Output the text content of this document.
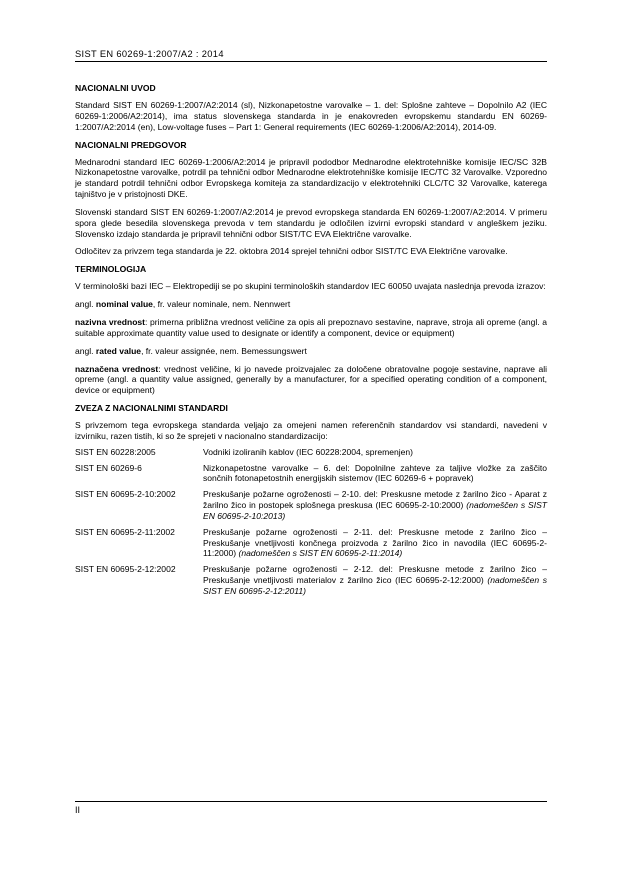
SIST EN 60269-1:2007/A2 : 2014
NACIONALNI UVOD

Standard SIST EN 60269-1:2007/A2:2014 (sl), Nizkonapetostne varovalke – 1. del: Splošne zahteve – Dopolnilo A2 (IEC 60269-1:2006/A2:2014), ima status slovenskega standarda in je enakovreden evropskemu standardu EN 60269-1:2007/A2:2014 (en), Low-voltage fuses – Part 1: General requirements (IEC 60269-1:2006/A2:2014), 2014-09.

NACIONALNI PREDGOVOR

Mednarodni standard IEC 60269-1:2006/A2:2014 je pripravil pododbor Mednarodne elektrotehniške komisije IEC/SC 32B Nizkonapetostne varovalke, potrdil pa tehnični odbor Mednarodne elektrotehniške komisije IEC/TC 32 Varovalke. Vzporedno je standard potrdil tehnični odbor Evropskega komiteja za standardizacijo v elektrotehniki CLC/TC 32 Varovalke, katerega tajništvo je v pristojnosti DKE.

Slovenski standard SIST EN 60269-1:2007/A2:2014 je prevod evropskega standarda EN 60269-1:2007/A2:2014. V primeru spora glede besedila slovenskega prevoda v tem standardu je odločilen izvirni evropski standard v angleškem jeziku. Slovensko izdajo standarda je pripravil tehnični odbor SIST/TC EVA Električne varovalke.

Odločitev za privzem tega standarda je 22. oktobra 2014 sprejel tehnični odbor SIST/TC EVA Električne varovalke.

TERMINOLOGIJA

V terminološki bazi IEC – Elektropediji se po skupini terminoloških standardov IEC 60050 uvajata naslednja prevoda izrazov:

angl. nominal value, fr. valeur nominale, nem. Nennwert

nazivna vrednost: primerna približna vrednost veličine za opis ali prepoznavo sestavine, naprave, stroja ali opreme (angl. a suitable approximate quantity value used to designate or identify a component, device or equipment)

angl. rated value, fr. valeur assignée, nem. Bemessungswert

naznačena vrednost: vrednost veličine, ki jo navede proizvajalec za določene obratovalne pogoje sestavine, naprave ali opreme (angl. a quantity value assigned, generally by a manufacturer, for a specified operating condition of a component, device or equipment)

ZVEZA Z NACIONALNIMI STANDARDI

S privzemom tega evropskega standarda veljajo za omejeni namen referenčnih standardov vsi standardi, navedeni v izvirniku, razen tistih, ki so že sprejeti v nacionalno standardizacijo:

SIST EN 60228:2005	Vodniki izoliranih kablov (IEC 60228:2004, spremenjen)
SIST EN 60269-6	Nizkonapetostne varovalke – 6. del: Dopolnilne zahteve za taljive vložke za zaščito sončnih fotonapetostnih energijskih sistemov (IEC 60269-6 + popravek)
SIST EN 60695-2-10:2002	Preskušanje požarne ogroženosti – 2-10. del: Preskusne metode z žarilno žico - Aparat z žarilno žico in postopek splošnega preskusa (IEC 60695-2-10:2000) (nadomeščen s SIST EN 60695-2-10:2013)
SIST EN 60695-2-11:2002	Preskušanje požarne ogroženosti – 2-11. del: Preskusne metode z žarilno žico – Preskušanje vnetljivosti končnega proizvoda z žarilno žico in navodila (IEC 60695-2-11:2000) (nadomeščen s SIST EN 60695-2-11:2014)
SIST EN 60695-2-12:2002	Preskušanje požarne ogroženosti – 2-12. del: Preskusne metode z žarilno žico – Preskušanje vnetljivosti materialov z žarilno žico (IEC 60695-2-12:2000) (nadomeščen s SIST EN 60695-2-12:2011)
II
